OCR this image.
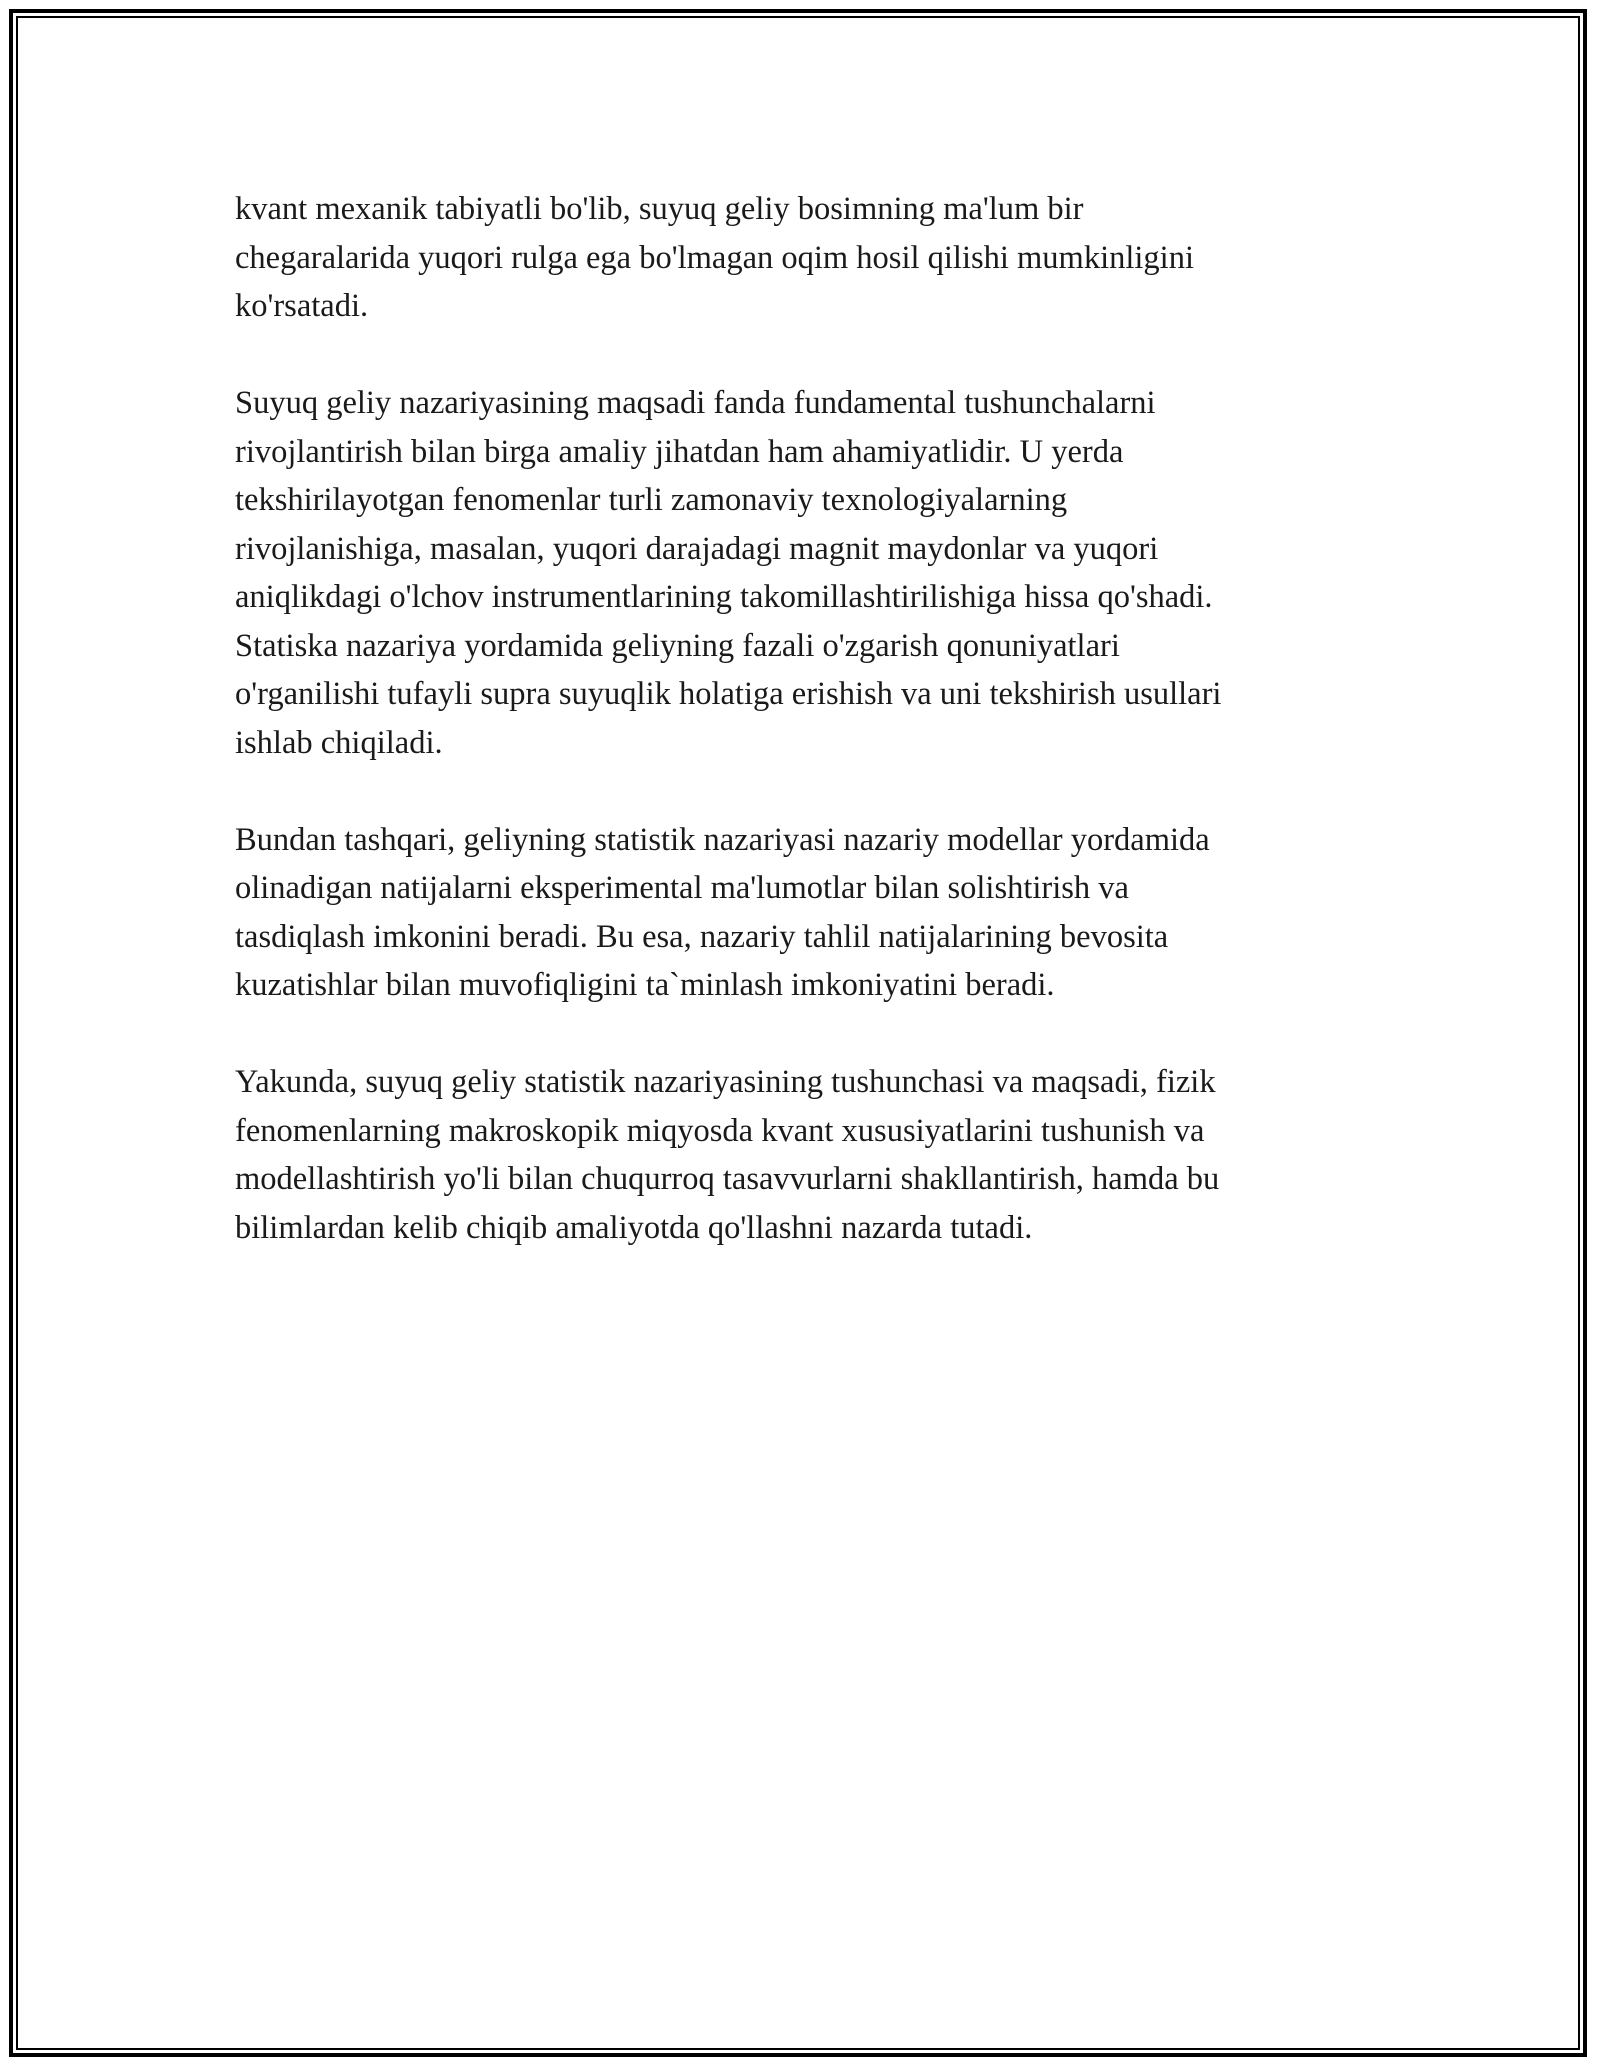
kvant mexanik tabiyatli bo'lib, suyuq geliy bosimning ma'lum bir
chegaralarida yuqori rulga ega bo'lmagan oqim hosil qilishi mumkinligini
ko'rsatadi.

Suyuq geliy nazariyasining maqsadi fanda fundamental tushunchalarni
rivojlantirish bilan birga amaliy jihatdan ham ahamiyatlidir. U yerda
tekshirilayotgan fenomenlar turli zamonaviy texnologiyalarning
rivojlanishiga, masalan, yuqori darajadagi magnit maydonlar va yuqori
aniqlikdagi o'lchov instrumentlarining takomillashtirilishiga hissa qo'shadi.
Statiska nazariya yordamida geliyning fazali o'zgarish qonuniyatlari
o'rganilishi tufayli supra suyuqlik holatiga erishish va uni tekshirish usullari
ishlab chiqiladi.

Bundan tashqari, geliyning statistik nazariyasi nazariy modellar yordamida
olinadigan natijalarni eksperimental ma'lumotlar bilan solishtirish va
tasdiqlash imkonini beradi. Bu esa, nazariy tahlil natijalarining bevosita
kuzatishlar bilan muvofiqligini ta`minlash imkoniyatini beradi.

Yakunda, suyuq geliy statistik nazariyasining tushunchasi va maqsadi, fizik
fenomenlarning makroskopik miqyosda kvant xususiyatlarini tushunish va
modellashtirish yo'li bilan chuqurroq tasavvurlarni shakllantirish, hamda bu
bilimlardan kelib chiqib amaliyotda qo'llashni nazarda tutadi.
